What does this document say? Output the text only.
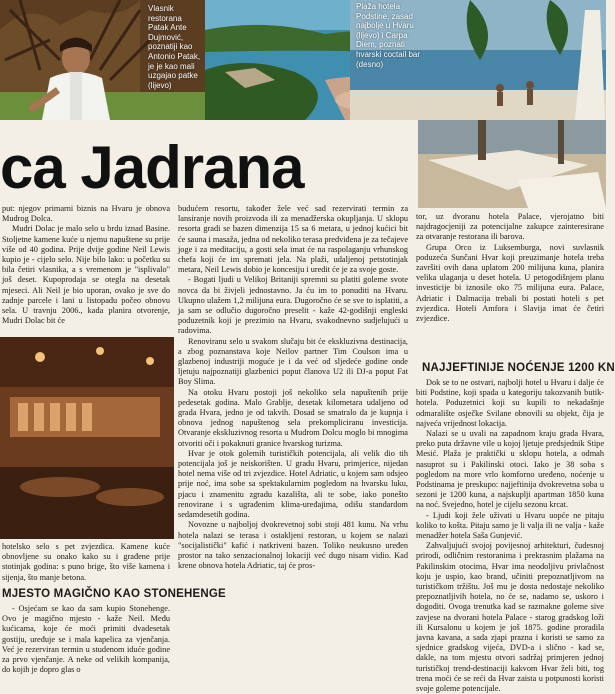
Vlasnik restorana Patak Ante Dujmović, poznatiji kao Antonio Patak, je je kao mali uzgajao patke (lijevo)
Plaža hotela Podstine, zasad najbolje u Hvaru (lijevo) i Carpa Diem, poznati hvarski coctail bar (desno)
ca Jadrana

put: njegov primarni biznis na Hvaru je obnova Mudrog Dolca.

Mudri Dolac je malo selo u brdu iznad Basine. Stoljetne kamene kuće u njemu napuštene su prije više od 40 godina. Prije dvije godine Neil Lewis kupio je - cijelo selo. Nije bilo lako: u početku su bila četiri vlasnika, a s vremenom je "isplivalo" još deset. Kupoprodaja se otegla na desetak mjeseci. Ali Neil je bio uporan, ovako je sve do zadnje parcele i lani u listopadu počeo obnovu sela. U travnju 2006., kada planira otvorenje, Mudri Dolac bit će

hotelsko selo s pet zvjezdica. Kamene kuće obnovljene su onako kako su i građene prije stotinjak godina: s puno brige, što više kamena i sijenja, što manje betona.

MJESTO MAGIČNO KAO STONEHENGE

- Osjećam se kao da sam kupio Stonehenge. Ovo je magično mjesto - kaže Neil. Među kućicama, koje će moći primiti dvadesetak gostiju, uređuje se i mala kapelica za vjenčanja. Već je rezerviran termin u studenom iduće godine za prvo vjenčanje. A neke od velikih kompanija, do kojih je dopro glas o

budućem resortu, također žele već sad rezervirati termin za lansiranje novih proizvoda ili za menadžerska okupljanja. U sklopu resorta gradi se bazen dimenzija 15 sa 6 metara, u jednoj kućici bit će sauna i masaža, jedna od nekoliko terasa predviđena je za tečajeve joge i za meditaciju, a gosti sela imat će na raspolaganju vrhunskog chefa koji će im spremati jela. Na plaži, udaljenoj petstotinjak metara, Neil Lewis dobio je koncesiju i uredit će je za svoje goste.

- Bogati ljudi u Velikoj Britaniji spremni su platiti goleme svote novca da bi živjeli jednostavno. Ja ću im to ponuditi na Hvaru. Ukupno ulažem 1,2 milijuna eura. Dugoročno će se sve to isplatiti, a ja sam se odlučio dugoročno preselit - kaže 42-godišnji engleski poduzetnik koji je prezimio na Hvaru, svakodnevno sudjelujući u radovima.

Renoviranu selo u svakom slučaju bit će ekskluzivna destinacija, a zbog poznanstava koje Neilov partner Tim Coulson ima u glazbenoj industriji moguće je i da već od sljedeće godine onde ljetuju najpoznatiji glazbenici poput članova U2 ili DJ-a poput Fat Boy Slima.

Na otoku Hvaru postoji još nekoliko sela napuštenih prije pedesetak godina. Malo Grablje, desetak kilometara udaljeno od grada Hvara, jedno je od takvih. Dosad se smatralo da je kupnja i obnova jednog napuštenog sela prekompliciranu investicija. Otvaranje ekskluzivnog resorta u Mudrom Dolcu moglo bi mnogima otvoriti oči i pokaknuti granice hvarskog turizma.

Hvar je otok golemih turističkih potencijala, ali velik dio tih potencijala još je neiskorišten. U gradu Hvaru, primjerice, nijedan hotel nema više od tri zvjezdice. Hotel Adriatic, u kojem sam odsjeo prije noć, ima sobe sa spektakularnim pogledom na hvarsku luku, pjacu i znamenitu zgradu kazališta, ali te sobe, iako ponešto renovirane i s ugrađenim klima-uređajima, odišu standardom sedamdesetih godina.

Novozne u najboljoj dvokrevetnoj sobi stoji 481 kunu. Na vrhu hotela nalazi se terasa i ostaklјeni restoran, u kojem se nalazi "socijalistički" kafić i natkriveni bazen. Toliko neukusno uređen prostor na tako senzacionalnoj lokaciji već dugo nisam vidio. Kad krene obnova hotela Adriatic, taj će pros-

tor, uz dvoranu hotela Palace, vjerojatno biti najdragocjeniji za potencijalne zakupce zainteresirane za otvaranje restorana ili barova.

Grupa Orco iz Luksemburga, novi suvlasnik poduzeća Sunčani Hvar koji preuzimanje hotela treba završiti ovih dana uplatom 200 milijuna kuna, planira velika ulaganja u deset hotela. U petogodišnjem planu investicije bi iznosile oko 75 milijuna eura. Palace, Adriatic i Dalmacija trebali bi postati hoteli s pet zvjezdica. Hoteli Amfora i Slavija imat će četiri zvjezdice.

NAJJEFTINIJE NOĆENJE 1200 KN

Dok se to ne ostvari, najbolji hotel u Hvaru i dalje će biti Podstine, koji spada u kategoriju takozvanih butik-hotela. Poduzetnici koji su kupili to nekadašnje odmaralište osječke Svilane obnovili su objekt, čija je najveća vrijednost lokacija.

Nalazi se u uvali na zapadnom kraju grada Hvara, preko puta državne vile u kojoj ljetuje predsjednik Stipe Mesić. Plaža je praktički u sklopu hotela, a odmah nasuprot su i Pakilinski otoci. Iako je 38 soba s pogledom na more vrlo komforno uređeno, noćenje u Podstinama je preskupo: najjeftinija dvokrevetna soba u sezoni je 1200 kuna, a najskuplji apartman 1850 kuna na noć. Svejedno, hotel je cijelu sezonu krcat.

- Ljudi koji žele uživati u Hvaru uopće ne pitaju koliko to košta. Pitaju samo je li valja ili ne valja - kaže menadžer hotela Saša Gunjević.

Zahvaljujući svojoj povijesnoj arhitekturi, čudesnoj prirodi, odličnim restoranima i prekrasnim plažama na Pakilinskim otocima, Hvar ima neodoljivu privlačnost koju je uspio, kao brand, učiniti prepoznatljivom na turističkom tržištu. Još mu je dosta nedostaje nekoliko prepoznatljivih hotela, no će se, nadamo se, uskoro i dogoditi. Ovoga trenutka kad se razmakne goleme sive zavjese na dvorani hotela Palace - starog gradskog loži ili Kursalonu u kojem je još 1875. godine proradila javna kavana, a sada zjapi prazna i koristi se samo za sjednice gradskog vijeća, DVD-a i slično - kad se, dakle, na tom mjestu otvori sadržaj primjeren jednoj turističkoj trend-destinaciji kakvom Hvar želi biti, tog trena moći će se reći da Hvar zaista u potpunosti koristi svoje goleme potencijale.
